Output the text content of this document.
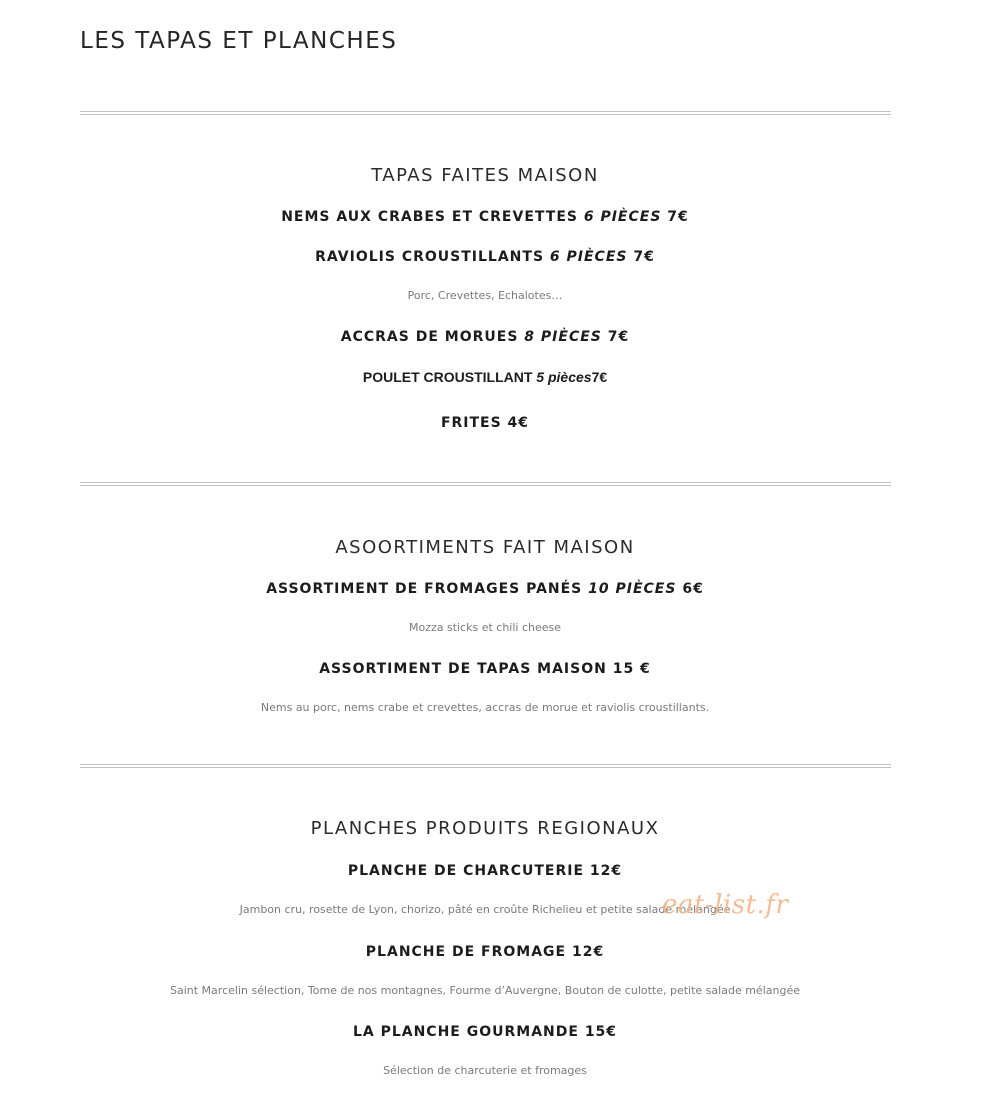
LES TAPAS ET PLANCHES
TAPAS FAITES MAISON
NEMS AUX CRABES ET CREVETTES 6 PIÈCES 7€
RAVIOLIS CROUSTILLANTS 6 PIÈCES 7€
Porc, Crevettes, Echalotes…
ACCRAS DE MORUES 8 PIÈCES 7€
POULET CROUSTILLANT 5 pièces7€
FRITES 4€
ASOORTIMENTS FAIT MAISON
ASSORTIMENT DE FROMAGES PANÉS 10 PIÈCES 6€
Mozza sticks et chili cheese
ASSORTIMENT DE TAPAS MAISON 15 €
Nems au porc, nems crabe et crevettes, accras de morue et raviolis croustillants.
PLANCHES PRODUITS REGIONAUX
PLANCHE DE CHARCUTERIE 12€
Jambon cru, rosette de Lyon, chorizo, pâté en croûte Richelieu et petite salade mélangée
PLANCHE DE FROMAGE 12€
Saint Marcelin sélection, Tome de nos montagnes, Fourme d’Auvergne, Bouton de culotte, petite salade mélangée
LA PLANCHE GOURMANDE 15€
Sélection de charcuterie et fromages
eat-list.fr
